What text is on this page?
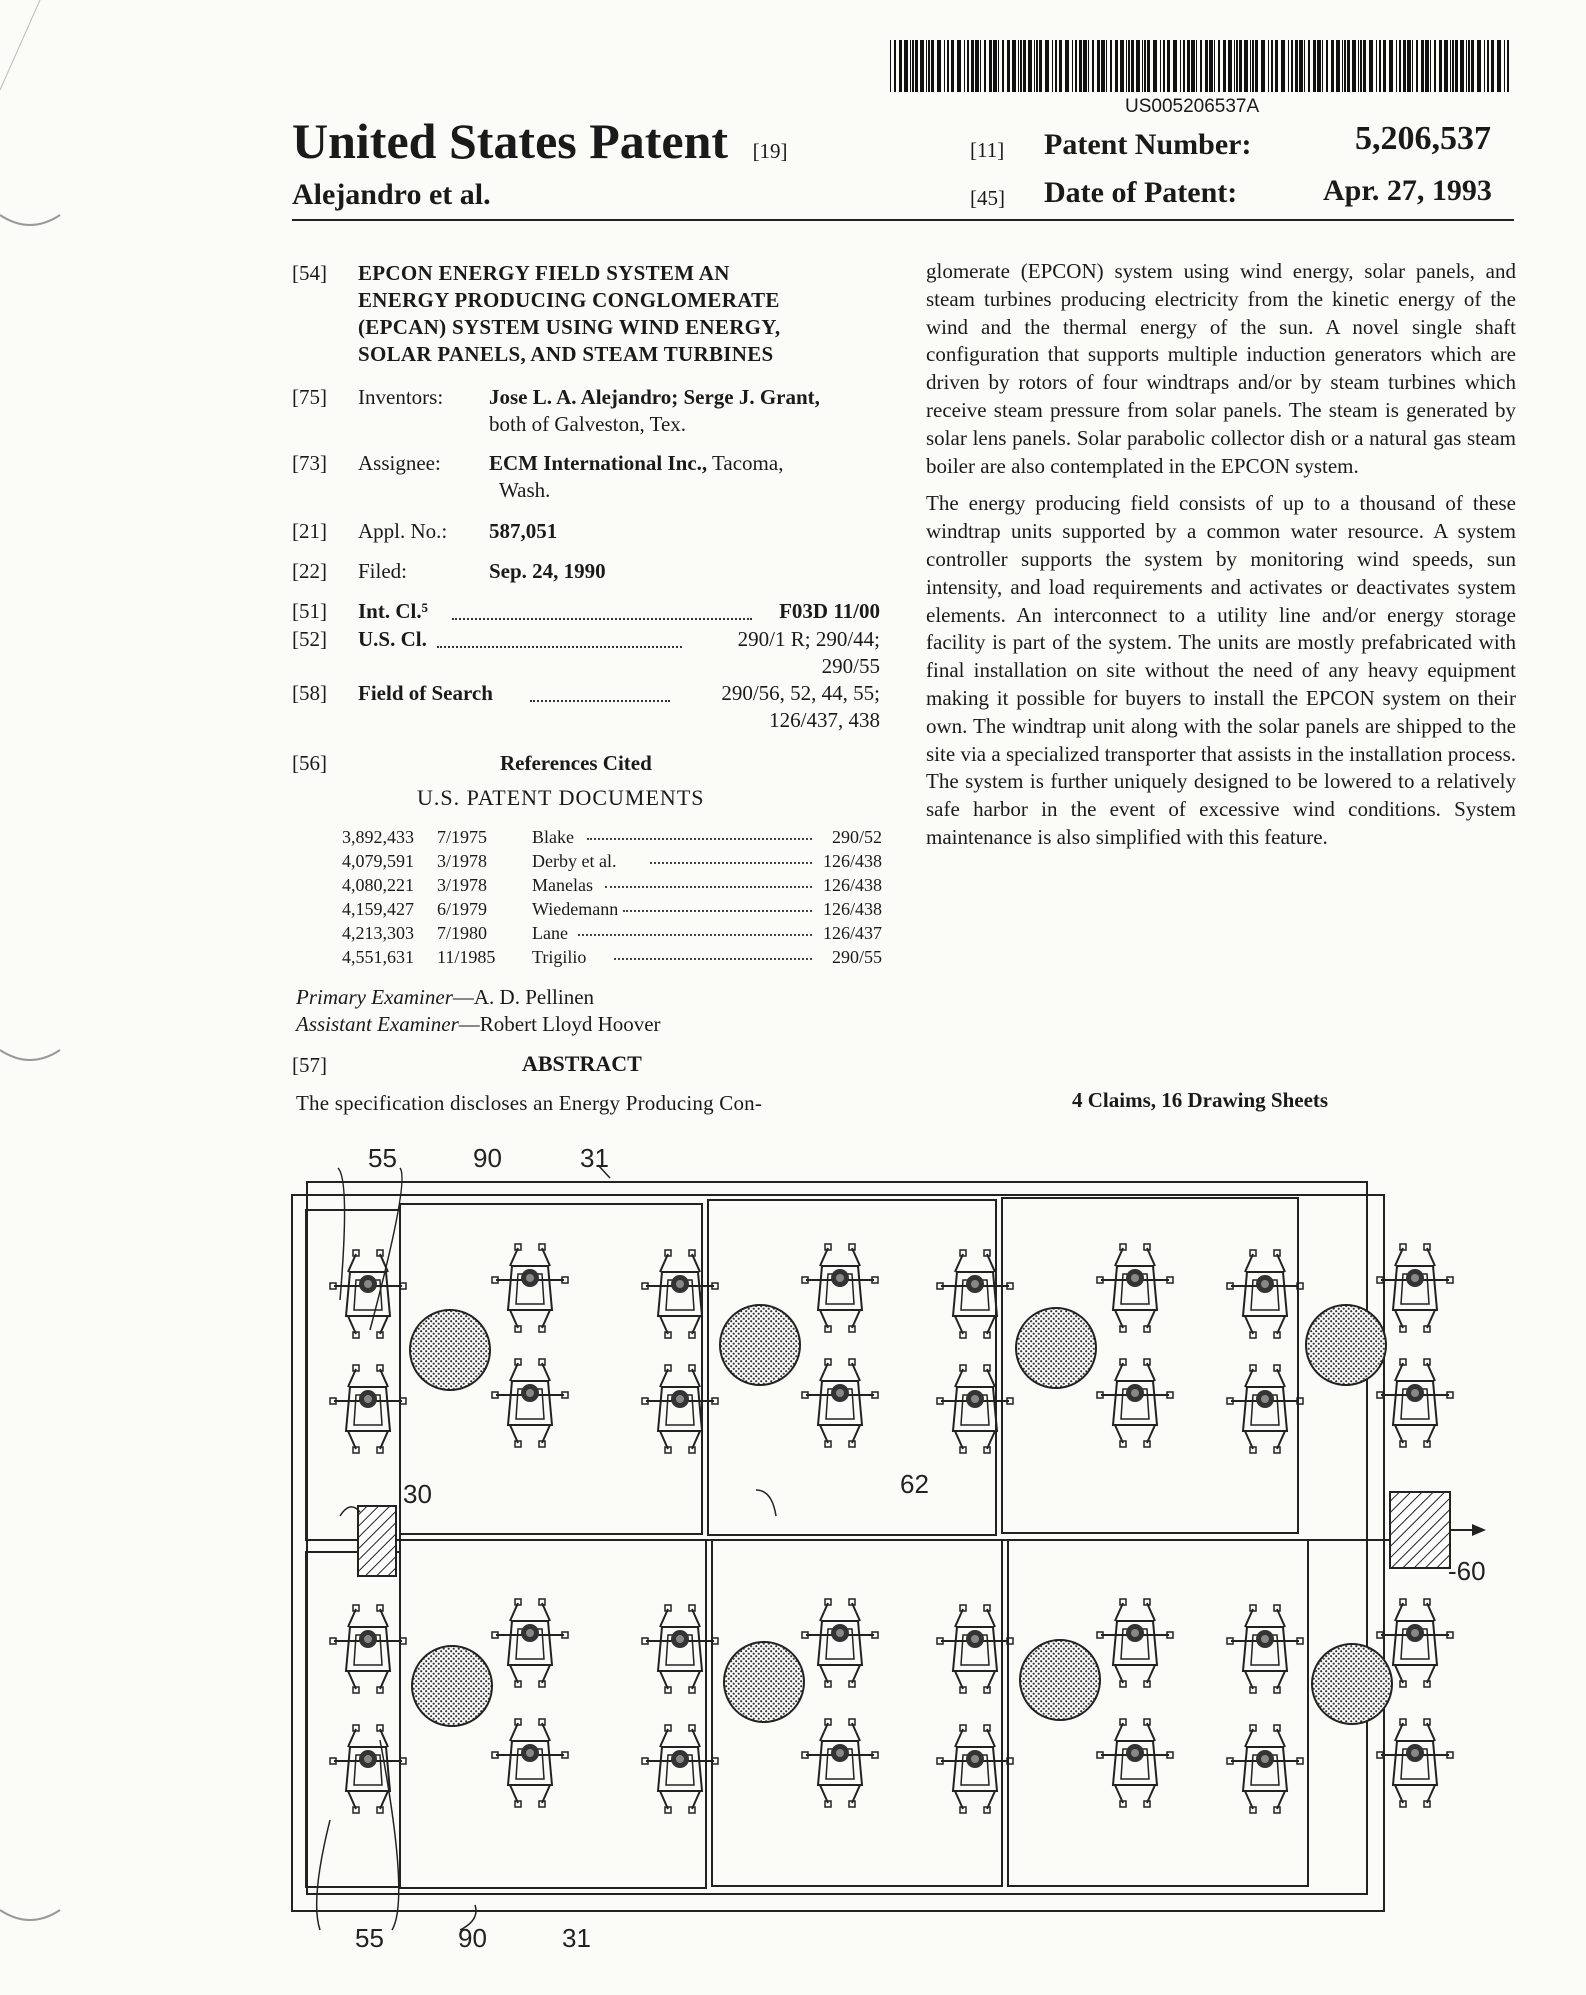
US005206537A
United States Patent [19]
Alejandro et al.
[11] Patent Number:	5,206,537
[45] Date of Patent:	Apr. 27, 1993
[54]	EPCON ENERGY FIELD SYSTEM AN
ENERGY PRODUCING CONGLOMERATE
(EPCAN) SYSTEM USING WIND ENERGY,
SOLAR PANELS, AND STEAM TURBINES
[75]	Inventors: Jose L. A. Alejandro; Serge J. Grant,
both of Galveston, Tex.
[73]	Assignee: ECM International Inc., Tacoma,
Wash.
[21]	Appl. No.: 587,051
[22]	Filed:	Sep. 24, 1990
[51]	Int. Cl.⁵	F03D 11/00
[52]	U.S. Cl.	290/1 R; 290/44;
290/55
[58]	Field of Search	290/56, 52, 44, 55;
126/437, 438
[56]	References Cited
U.S. PATENT DOCUMENTS
3,892,433 7/1975 Blake	290/52
4,079,591 3/1978 Derby et al.	126/438
4,080,221 3/1978 Manelas	126/438
4,159,427 6/1979 Wiedemann	126/438
4,213,303 7/1980 Lane	126/437
4,551,631 11/1985 Trigilio	290/55
Primary Examiner—A. D. Pellinen
Assistant Examiner—Robert Lloyd Hoover
[57]	ABSTRACT
The specification discloses an Energy Producing Con-

glomerate (EPCON) system using wind energy, solar panels, and steam turbines producing electricity from the kinetic energy of the wind and the thermal energy of the sun. A novel single shaft configuration that supports multiple induction generators which are driven by rotors of four windtraps and/or by steam turbines which receive steam pressure from solar panels. The steam is generated by solar lens panels. Solar parabolic collector dish or a natural gas steam boiler are also contemplated in the EPCON system.

The energy producing field consists of up to a thousand of these windtrap units supported by a common water resource. A system controller supports the system by monitoring wind speeds, sun intensity, and load requirements and activates or deactivates system elements. An interconnect to a utility line and/or energy storage facility is part of the system. The units are mostly prefabricated with final installation on site without the need of any heavy equipment making it possible for buyers to install the EPCON system on their own. The windtrap unit along with the solar panels are shipped to the site via a specialized transporter that assists in the installation process. The system is further uniquely designed to be lowered to a relatively safe harbor in the event of excessive wind conditions. System maintenance is also simplified with this feature.

4 Claims, 16 Drawing Sheets
55	90	31
30	62
-60
55	90	31
